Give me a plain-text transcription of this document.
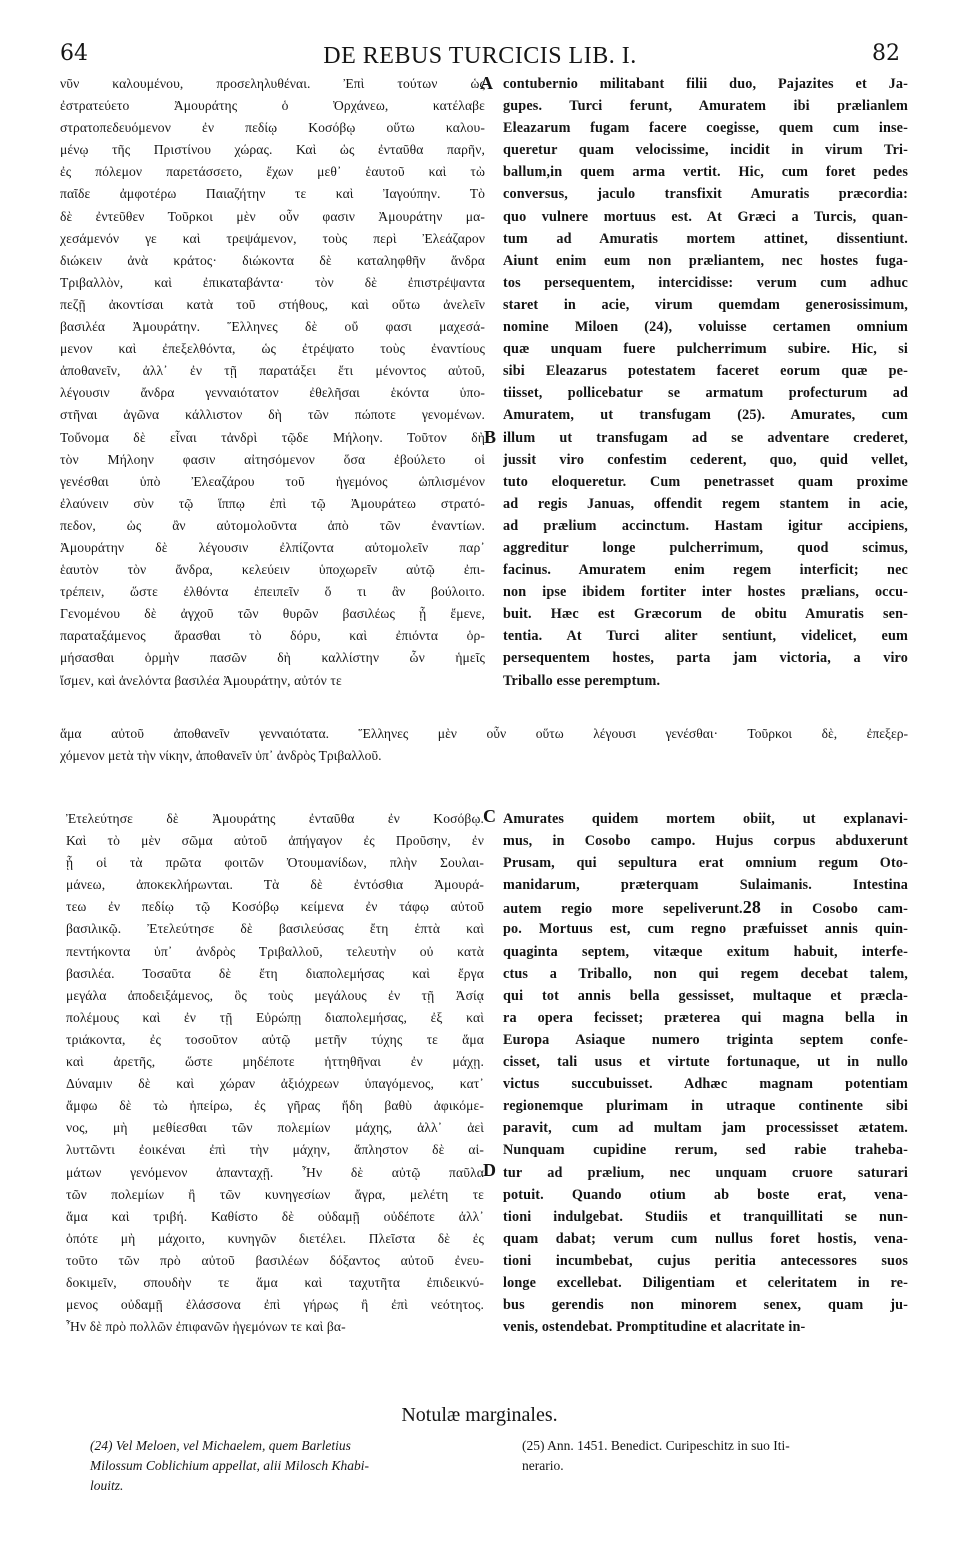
64	DE REBUS TURCICIS LIB. I.	82
νῦν καλουμένου, προσεληλυθέναι. Ἐπὶ τούτων ὡς
ἐστρατεύετο Ἀμουράτης ὁ Ὀρχάνεω, κατέλαβε
στρατοπεδευόμενον ἐν πεδίῳ Κοσόβῳ οὕτω καλου-
μένῳ τῆς Πριστίνου χώρας. Καὶ ὡς ἐνταῦθα παρῆν,
ἐς πόλεμον παρετάσσετο, ἔχων μεθ᾽ ἑαυτοῦ καὶ τὼ
παῖδε ἀμφοτέρω Παιαζήτην τε καὶ Ἰαγούπην. Τὸ
δὲ ἐντεῦθεν Τοῦρκοι μὲν οὖν φασιν Ἀμουράτην μα-
χεσάμενόν γε καὶ τρεψάμενον, τοὺς περὶ Ἐλεάζαρον
διώκειν ἀνὰ κράτος· διώκοντα δὲ καταληφθῆν ἄνδρα
Τριβαλλὸν, καὶ ἐπικαταβάντα· τὸν δὲ ἐπιστρέψαντα
πεζῇ ἀκοντίσαι κατὰ τοῦ στήθους, καὶ οὕτω ἀνελεῖν
βασιλέα Ἀμουράτην. Ἕλληνες δὲ οὔ φασι μαχεσά-
μενον καὶ ἐπεξελθόντα, ὡς ἐτρέψατο τοὺς ἐναντίους
ἀποθανεῖν, ἀλλ᾽ ἐν τῇ παρατάξει ἔτι μένοντος αὐτοῦ,
λέγουσιν ἄνδρα γενναιότατον ἐθελῆσαι ἑκόντα ὑπο-
στῆναι ἀγῶνα κάλλιστον δὴ τῶν πώποτε γενομένων.
Τοὔνομα δὲ εἶναι τἀνδρὶ τῷδε Μήλοην. Τοῦτον δὴ
τὸν Μήλοην φασιν αἰτησόμενον ὅσα ἐβούλετο οἱ
γενέσθαι ὑπὸ Ἐλεαζάρου τοῦ ἡγεμόνος ὡπλισμένον
ἐλαύνειν σὺν τῷ ἵππῳ ἐπὶ τῷ Ἀμουράτεω στρατό-
πεδον, ὡς ἂν αὐτομολοῦντα ἀπὸ τῶν ἐναντίων.
Ἀμουράτην δὲ λέγουσιν ἐλπίζοντα αὐτομολεῖν παρ᾽
ἑαυτὸν τὸν ἄνδρα, κελεύειν ὑποχωρεῖν αὐτῷ ἐπι-
τρέπειν, ὥστε ἐλθόντα ἐπειπεῖν ὅ τι ἂν βούλοιτο.
Γενομένου δὲ ἀγχοῦ τῶν θυρῶν βασιλέως ᾗ ἔμενε,
παραταξάμενος ἅρασθαι τὸ δόρυ, καὶ ἐπιόντα ὁρ-
μήσασθαι ὁρμὴν πασῶν δὴ καλλίστην ὧν ἡμεῖς
ἴσμεν, καὶ ἀνελόντα βασιλέα Ἀμουράτην, αὐτόν τε
contubernio militabant filii duo, Pajazites et Ja-
gupes. Turci ferunt, Amuratem ibi prælianlem
Eleazarum fugam facere coegisse, quem cum inse-
queretur quam velocissime, incidit in virum Tri-
ballum,in quem arma vertit. Hic, cum foret pedes
conversus, jaculo transfixit Amuratis præcordia:
quo vulnere mortuus est. At Græci a Turcis, quan-
tum ad Amuratis mortem attinet, dissentiunt.
Aiunt enim eum non præliantem, nec hostes fuga-
tos persequentem, intercidisse: verum cum adhuc
staret in acie, virum quemdam generosissimum,
nomine Miloen (24), voluisse certamen omnium
quæ unquam fuere pulcherrimum subire. Hic, si
sibi Eleazarus potestatem faceret eorum quæ pe-
tiisset, pollicebatur se armatum profecturum ad
Amuratem, ut transfugam (25). Amurates, cum
illum ut transfugam ad se adventare crederet,
jussit viro confestim cederent, quo, quid vellet,
tuto eloqueretur. Cum penetrasset quam proxime
ad regis Januas, offendit regem stantem in acie,
ad prælium accinctum. Hastam igitur accipiens,
aggreditur longe pulcherrimum, quod scimus,
facinus. Amuratem enim regem interficit; nec
non ipse ibidem fortiter inter hostes prælians, occu-
buit. Hæc est Græcorum de obitu Amuratis sen-
tentia. At Turci aliter sentiunt, videlicet, eum
persequentem hostes, parta jam victoria, a viro
Triballo esse peremptum.
A
B
ἅμα αὐτοῦ ἀποθανεῖν γενναιότατα. Ἕλληνες μὲν οὖν οὕτω λέγουσι γενέσθαι· Τοῦρκοι δὲ, ἐπεξερ-
χόμενον μετὰ τὴν νίκην, ἀποθανεῖν ὑπ᾽ ἀνδρὸς Τριβαλλοῦ.
C
D
Ἐτελεύτησε δὲ Ἀμουράτης ἐνταῦθα ἐν Κοσόβῳ.
Καὶ τὸ μὲν σῶμα αὐτοῦ ἀπήγαγον ἐς Προῦσην, ἐν
ᾗ οἱ τὰ πρῶτα φοιτῶν Ὀτουμανίδων, πλὴν Σουλαι-
μάνεω, ἀποκεκλήρωνται. Τὰ δὲ ἐντόσθια Ἀμουρά-
τεω ἐν πεδίῳ τῷ Κοσόβῳ κείμενα ἐν τάφῳ αὐτοῦ
βασιλικῷ. Ἐτελεύτησε δὲ βασιλεύσας ἔτη ἑπτὰ καὶ
πεντήκοντα ὑπ᾽ ἀνδρὸς Τριβαλλοῦ, τελευτὴν οὐ κατὰ
βασιλέα. Τοσαῦτα δὲ ἔτη διαπολεμήσας καὶ ἔργα
μεγάλα ἀποδειξάμενος, ὃς τοὺς μεγάλους ἐν τῇ Ἀσίᾳ
πολέμους καὶ ἐν τῇ Εὐρώπῃ διαπολεμήσας, ἐξ καὶ
τριάκοντα, ἐς τοσοῦτον αὐτῷ μετῆν τύχης τε ἅμα
καὶ ἀρετῆς, ὥστε μηδέποτε ἡττηθῆναι ἐν μάχῃ.
Δύναμιν δὲ καὶ χώραν ἀξιόχρεων ὑπαγόμενος, κατ᾽
ἄμφω δὲ τὼ ἠπείρω, ἐς γῆρας ἤδη βαθὺ ἀφικόμε-
νος, μὴ μεθίεσθαι τῶν πολεμίων μάχης, ἀλλ᾽ ἀεὶ
λυττῶντι ἐοικέναι ἐπὶ τὴν μάχην, ἄπληστον δὲ αἱ-
μάτων γενόμενον ἀπανταχῇ. Ἦν δὲ αὐτῷ παῦλα
τῶν πολεμίων ἢ τῶν κυνηγεσίων ἄγρα, μελέτη τε
ἅμα καὶ τριβή. Καθίστο δὲ οὐδαμῇ οὐδέποτε ἀλλ᾽
ὁπότε μὴ μάχοιτο, κυνηγῶν διετέλει. Πλεῖστα δὲ ἐς
τοῦτο τῶν πρὸ αὐτοῦ βασιλέων δόξαντος αὐτοῦ ἐνευ-
δοκιμεῖν, σπουδὴν τε ἅμα καὶ ταχυτῆτα ἐπιδεικνύ-
μενος οὐδαμῇ ἐλάσσονα ἐπὶ γήρως ἢ ἐπὶ νεότητος.
Ἦν δὲ πρὸ πολλῶν ἐπιφανῶν ἡγεμόνων τε καὶ βα-
Amurates quidem mortem obiit, ut explanavi-
mus, in Cosobo campo. Hujus corpus abduxerunt
Prusam, qui sepultura erat omnium regum Oto-
manidarum, præterquam Sulaimanis. Intestina
autem regio more sepeliverunt.28 in Cosobo cam-
po. Mortuus est, cum regno præfuisset annis quin-
quaginta septem, vitæque exitum habuit, interfe-
ctus a Triballo, non qui regem decebat talem,
qui tot annis bella gessisset, multaque et præcla-
ra opera fecisset; præterea qui magna bella in
Europa Asiaque numero triginta septem confe-
cisset, tali usus et virtute fortunaque, ut in nullo
victus succubuisset. Adhæc magnam potentiam
regionemque plurimam in utraque continente sibi
paravit, cum ad multam jam processisset ætatem.
Nunquam cupidine rerum, sed rabie trahеba-
tur ad prælium, nec unquam cruore saturari
potuit. Quando otium ab boste erat, vena-
tioni indulgebat. Studiis et tranquillitati se nun-
quam dabat; verum cum nullus foret hostis, vena-
tioni incumbebat, cujus peritia antecessores suos
longe excellebat. Diligentiam et celeritatem in re-
bus gerendis non minorem senex, quam ju-
venis, ostendebat. Promptitudine et alacritate in-
Notulæ marginales.
(24) Vel Meloen, vel Michaelem, quem Barletius
Milossum Coblichium appellat, alii Milosch Khabi-
louitz.
(25) Ann. 1451. Benedict. Curipeschitz in suo Iti-
nerario.
